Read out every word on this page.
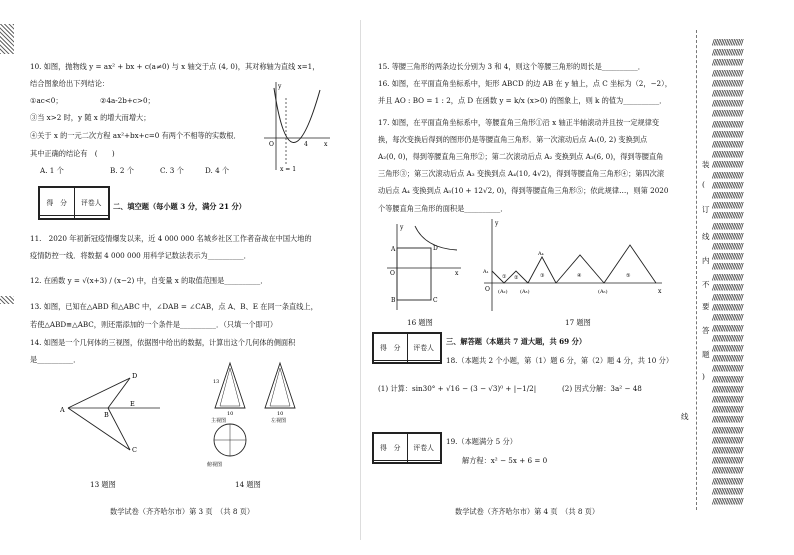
10. 如图，抛物线 y = ax² + bx + c(a≠0) 与 x 轴交于点 (4, 0)，其对称轴为直线 x=1，
结合图象给出下列结论：
①ac<0；	②4a-2b+c>0；
③当 x>2 时，y 随 x 的增大而增大；
④关于 x 的一元二次方程 ax²+bx+c=0 有两个不相等的实数根．
其中正确的结论有　(　　)
A. 1 个	B. 2 个	C. 3 个	D. 4 个
y
x
O	4
x = 1
得　分	评卷人
	二、填空题（每小题 3 分，满分 21 分）
11.　2020 年初新冠疫情爆发以来，近 4 000 000 名城乡社区工作者奋战在中国大地的
疫情防控一线．将数据 4 000 000 用科学记数法表示为__________．
12. 在函数 y = √(x+3) / (x−2) 中，自变量 x 的取值范围是__________．
13. 如图，已知在△ABD 和△ABC 中，∠DAB = ∠CAB，点 A、B、E 在同一条直线上，
若使△ABD≌△ABC，则还需添加的一个条件是__________．（只填一个即可）
14. 如图是一个几何体的三视图，依据图中给出的数据，计算出这个几何体的侧面积
是__________．
A
B
C
D
E
13 题图
10	10
13
主视图	左视图
俯视图
14 题图
数学试卷（齐齐哈尔市）第 3 页　（共 8 页）
15. 等腰三角形的两条边长分别为 3 和 4，则这个等腰三角形的周长是__________．
16. 如图，在平面直角坐标系中，矩形 ABCD 的边 AB 在 y 轴上，点 C 坐标为（2，−2），
并且 AO : BO = 1 : 2，点 D 在函数 y = k/x (x>0) 的图象上，则 k 的值为__________．
17. 如图，在平面直角坐标系中，等腰直角三角形①沿 x 轴正半轴滚动并且按一定规律变
换，每次变换后得到的图形仍是等腰直角三角形．第一次滚动后点 A₁(0, 2) 变换到点
A₂(0, 0)，得到等腰直角三角形②；第二次滚动后点 A₂ 变换到点 A₃(6, 0)，得到等腰直角
三角形③；第三次滚动后点 A₃ 变换到点 A₄(10, 4√2)，得到等腰直角三角形④；第四次滚
动后点 A₄ 变换到点 A₅(10 + 12√2, 0)，得到等腰直角三角形⑤；依此规律…，则第 2020
个等腰直角三角形的面积是__________．
A
B	C
D
O	x
y
16 题图
y
x
O
A₁
(A₂) (A₃)
A₄
(A₅)
① ②	③	④	⑤
17 题图
得　分	评卷人

三、解答题（本题共 7 道大题，共 69 分）
18.（本题共 2 个小题，第（1）题 6 分，第（2）题 4 分，共 10 分）
(1) 计算：sin30° + √16 − (3 − √3)⁰ + |−1/2|	(2) 因式分解：3a² − 48
得　分	评卷人

19.（本题满分 5 分）
解方程：x² − 5x + 6 = 0
数学试卷（齐齐哈尔市）第 4 页　（共 8 页）
//////////////////
//////////////////
//////////////////
//////////////////
//////////////////
//////////////////
//////////////////
//////////////////
//////////////////
//////////////////
//////////////////
//////////////////
//////////////////
//////////////////
//////////////////
//////////////////
//////////////////
//////////////////
//////////////////
//////////////////
//////////////////
//////////////////
//////////////////
//////////////////
//////////////////
//////////////////
//////////////////
//////////////////
//////////////////
//////////////////
//////////////////
//////////////////
//////////////////
//////////////////
//////////////////
//////////////////
//////////////////
//////////////////
//////////////////
//////////////////
//////////////////
//////////////////
//////////////////
//////////////////
//////////////////
//////////////////
装
(
订
线
内
不
要
答
题
)
线
